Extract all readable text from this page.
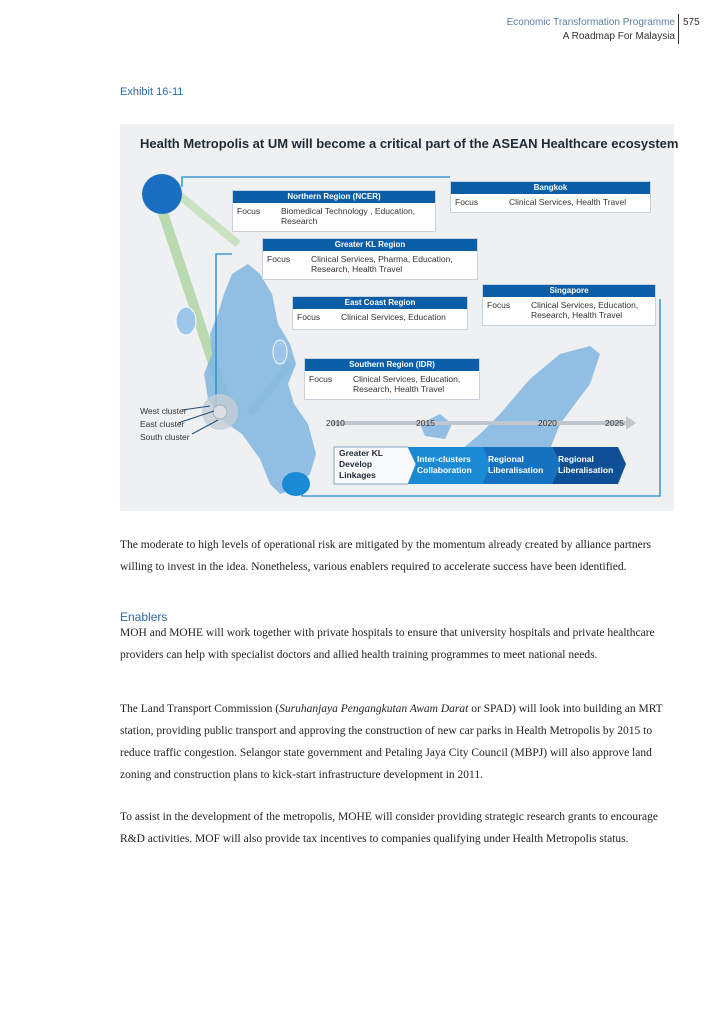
Economic Transformation Programme
A Roadmap For Malaysia
575
Exhibit 16-11
Health Metropolis at UM will become a critical part of the ASEAN Healthcare ecosystem
Northern Region (NCER)
Focus Biomedical Technology , Education, Research
Bangkok
Focus	Clinical Services, Health Travel
Greater KL Region
Focus Clinical Services, Pharma, Education, Research, Health Travel
Singapore
Focus Clinical Services, Education, Research, Health Travel
East Coast Region
Focus Clinical Services, Education
Southern Region (IDR)
Focus Clinical Services, Education, Research, Health Travel
West cluster
East cluster
South cluster
2010	2015	2020	2025
Greater KL Develop Linkages
Inter-clusters Collaboration
Regional Liberalisation
Regional Liberalisation

The moderate to high levels of operational risk are mitigated by the momentum already created by alliance partners willing to invest in the idea. Nonetheless, various enablers required to accelerate success have been identified.

Enablers

MOH and MOHE will work together with private hospitals to ensure that university hospitals and private healthcare providers can help with specialist doctors and allied health training programmes to meet national needs.

The Land Transport Commission (Suruhanjaya Pengangkutan Awam Darat or SPAD) will look into building an MRT station, providing public transport and approving the construction of new car parks in Health Metropolis by 2015 to reduce traffic congestion. Selangor state government and Petaling Jaya City Council (MBPJ) will also approve land zoning and construction plans to kick-start infrastructure development in 2011.

To assist in the development of the metropolis, MOHE will consider providing strategic research grants to encourage R&D activities. MOF will also provide tax incentives to companies qualifying under Health Metropolis status.
